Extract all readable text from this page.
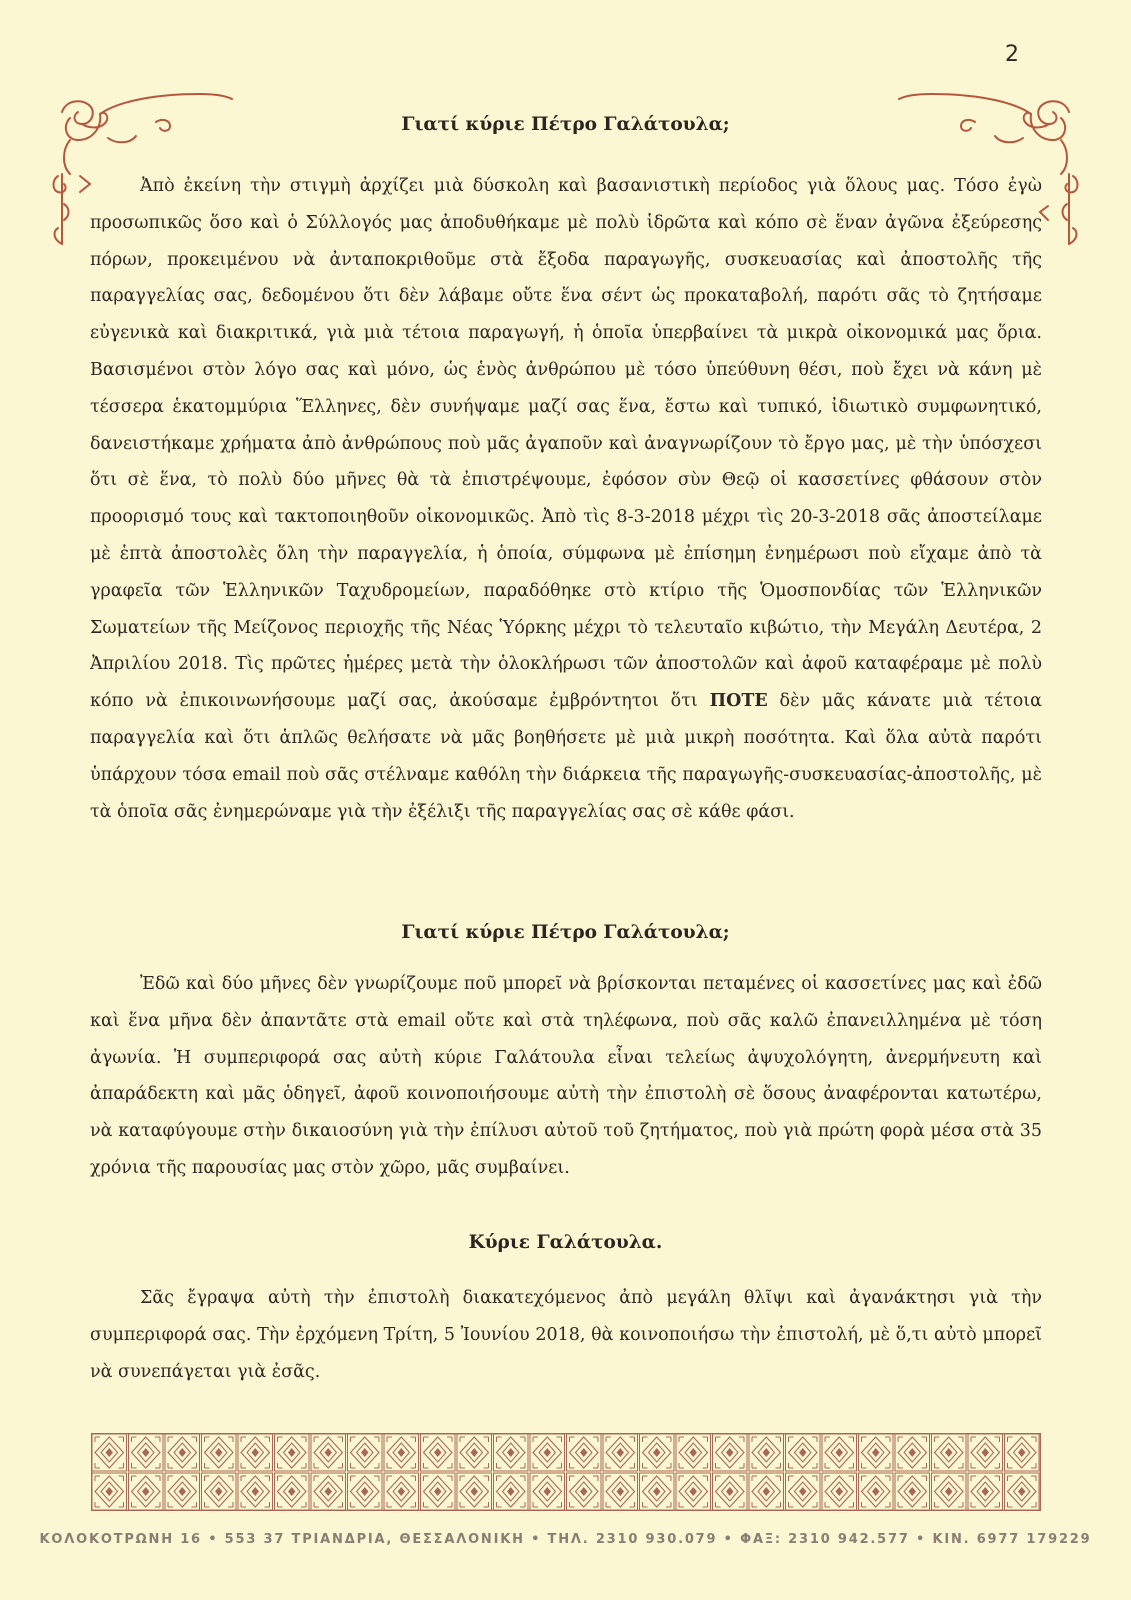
2
Γιατί κύριε Πέτρο Γαλάτουλα;

Ἀπὸ ἐκείνη τὴν στιγμὴ ἀρχίζει μιὰ δύσκολη καὶ βασανιστικὴ περίοδος γιὰ ὅλους μας. Τόσο ἐγὼ προσωπικῶς ὅσο καὶ ὁ Σύλλογός μας ἀποδυθήκαμε μὲ πολὺ ἱδρῶτα καὶ κόπο σὲ ἕναν ἀγῶνα ἐξεύρεσης πόρων, προκειμένου νὰ ἀνταποκριθοῦμε στὰ ἔξοδα παραγωγῆς, συσκευασίας καὶ ἀποστολῆς τῆς παραγγελίας σας, δεδομένου ὅτι δὲν λάβαμε οὔτε ἕνα σέντ ὡς προκαταβολή, παρότι σᾶς τὸ ζητήσαμε εὐγενικὰ καὶ διακριτικά, γιὰ μιὰ τέτοια παραγωγή, ἡ ὁποῖα ὑπερβαίνει τὰ μικρὰ οἰκονομικά μας ὅρια. Βασισμένοι στὸν λόγο σας καὶ μόνο, ὡς ἑνὸς ἀνθρώπου μὲ τόσο ὑπεύθυνη θέσι, ποὺ ἔχει νὰ κάνη μὲ τέσσερα ἑκατομμύρια Ἕλληνες, δὲν συνήψαμε μαζί σας ἕνα, ἔστω καὶ τυπικό, ἰδιωτικὸ συμφωνητικό, δανειστήκαμε χρήματα ἀπὸ ἀνθρώπους ποὺ μᾶς ἀγαποῦν καὶ ἀναγνωρίζουν τὸ ἔργο μας, μὲ τὴν ὑπόσχεσι ὅτι σὲ ἕνα, τὸ πολὺ δύο μῆνες θὰ τὰ ἐπιστρέψουμε, ἐφόσον σὺν Θεῷ οἱ κασσετίνες φθάσουν στὸν προορισμό τους καὶ τακτοποιηθοῦν οἰκονομικῶς. Ἀπὸ τὶς 8-3-2018 μέχρι τὶς 20-3-2018 σᾶς ἀποστείλαμε μὲ ἑπτὰ ἀποστολὲς ὅλη τὴν παραγγελία, ἡ ὁποία, σύμφωνα μὲ ἐπίσημη ἐνημέρωσι ποὺ εἴχαμε ἀπὸ τὰ γραφεῖα τῶν Ἑλληνικῶν Ταχυδρομείων, παραδόθηκε στὸ κτίριο τῆς Ὁμοσπονδίας τῶν Ἑλληνικῶν Σωματείων τῆς Μείζονος περιοχῆς τῆς Νέας Ὑόρκης μέχρι τὸ τελευταῖο κιβώτιο, τὴν Μεγάλη Δευτέρα, 2 Ἀπριλίου 2018. Τὶς πρῶτες ἡμέρες μετὰ τὴν ὁλοκλήρωσι τῶν ἀποστολῶν καὶ ἀφοῦ καταφέραμε μὲ πολὺ κόπο νὰ ἐπικοινωνήσουμε μαζί σας, ἀκούσαμε ἐμβρόντητοι ὅτι ΠΟΤΕ δὲν μᾶς κάνατε μιὰ τέτοια παραγγελία καὶ ὅτι ἁπλῶς θελήσατε νὰ μᾶς βοηθήσετε μὲ μιὰ μικρὴ ποσότητα. Καὶ ὅλα αὐτὰ παρότι ὑπάρχουν τόσα email ποὺ σᾶς στέλναμε καθόλη τὴν διάρκεια τῆς παραγωγῆς-συσκευασίας-ἀποστολῆς, μὲ τὰ ὁποῖα σᾶς ἐνημερώναμε γιὰ τὴν ἐξέλιξι τῆς παραγγελίας σας σὲ κάθε φάσι.

Γιατί κύριε Πέτρο Γαλάτουλα;

Ἐδῶ καὶ δύο μῆνες δὲν γνωρίζουμε ποῦ μπορεῖ νὰ βρίσκονται πεταμένες οἱ κασσετίνες μας καὶ ἐδῶ καὶ ἕνα μῆνα δὲν ἀπαντᾶτε στὰ email οὔτε καὶ στὰ τηλέφωνα, ποὺ σᾶς καλῶ ἐπανειλλημένα μὲ τόση ἀγωνία. Ἡ συμπεριφορά σας αὐτὴ κύριε Γαλάτουλα εἶναι τελείως ἀψυχολόγητη, ἀνερμήνευτη καὶ ἀπαράδεκτη καὶ μᾶς ὁδηγεῖ, ἀφοῦ κοινοποιήσουμε αὐτὴ τὴν ἐπιστολὴ σὲ ὅσους ἀναφέρονται κατωτέρω, νὰ καταφύγουμε στὴν δικαιοσύνη γιὰ τὴν ἐπίλυσι αὐτοῦ τοῦ ζητήματος, ποὺ γιὰ πρώτη φορὰ μέσα στὰ 35 χρόνια τῆς παρουσίας μας στὸν χῶρο, μᾶς συμβαίνει.

Κύριε Γαλάτουλα.

Σᾶς ἔγραψα αὐτὴ τὴν ἐπιστολὴ διακατεχόμενος ἀπὸ μεγάλη θλῖψι καὶ ἀγανάκτησι γιὰ τὴν συμπεριφορά σας. Τὴν ἐρχόμενη Τρίτη, 5 Ἰουνίου 2018, θὰ κοινοποιήσω τὴν ἐπιστολή, μὲ ὅ,τι αὐτὸ μπορεῖ νὰ συνεπάγεται γιὰ ἐσᾶς.

ΚΟΛΟΚΟΤΡΩΝΗ 16 • 553 37 ΤΡΙΑΝΔΡΙΑ, ΘΕΣΣΑΛΟΝΙΚΗ • ΤΗΛ. 2310 930.079 • ΦΑΞ: 2310 942.577 • ΚΙΝ. 6977 179229
